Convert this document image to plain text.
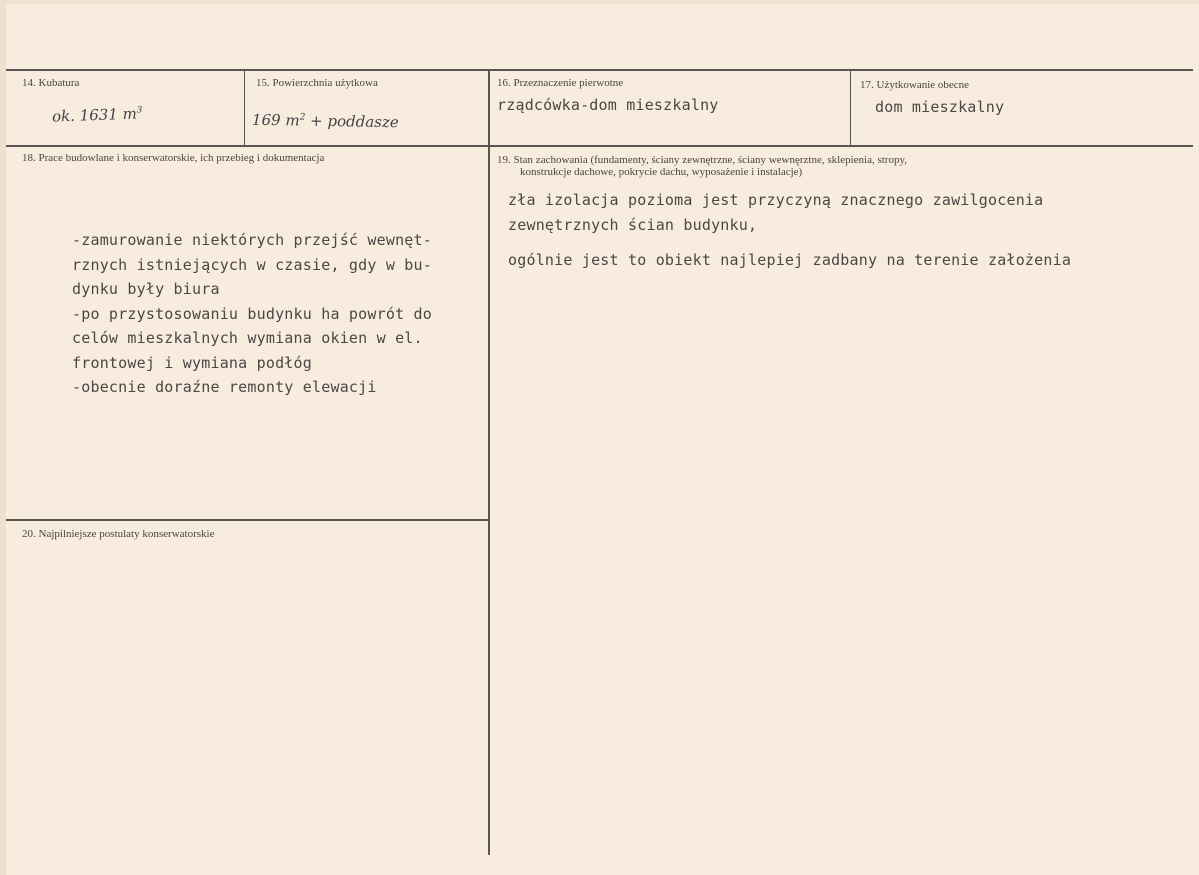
14. Kubatura
ok. 1631 $m^3$
15. Powierzchnia użytkowa
169 $m^2$ + poddasze
16. Przeznaczenie pierwotne
rządcówka-dom mieszkalny
17. Użytkowanie obecne
dom mieszkalny
18. Prace budowlane i konserwatorskie, ich przebieg i dokumentacja
-zamurowanie niektórych przejść wewnęt-
rznych istniejących w czasie, gdy w bu-
dynku były biura
-po przystosowaniu budynku ha powrót do
celów mieszkalnych wymiana okien w el.
frontowej i wymiana podłóg
-obecnie doraźne remonty elewacji
19. Stan zachowania (fundamenty, ściany zewnętrzne, ściany wewnęrztne, sklepienia, stropy,
konstrukcje dachowe, pokrycie dachu, wyposażenie i instalacje)
zła izolacja pozioma jest przyczyną znacznego zawilgocenia
zewnętrznych ścian budynku,
ogólnie jest to obiekt najlepiej zadbany na terenie założenia
20. Najpilniejsze postulaty konserwatorskie
